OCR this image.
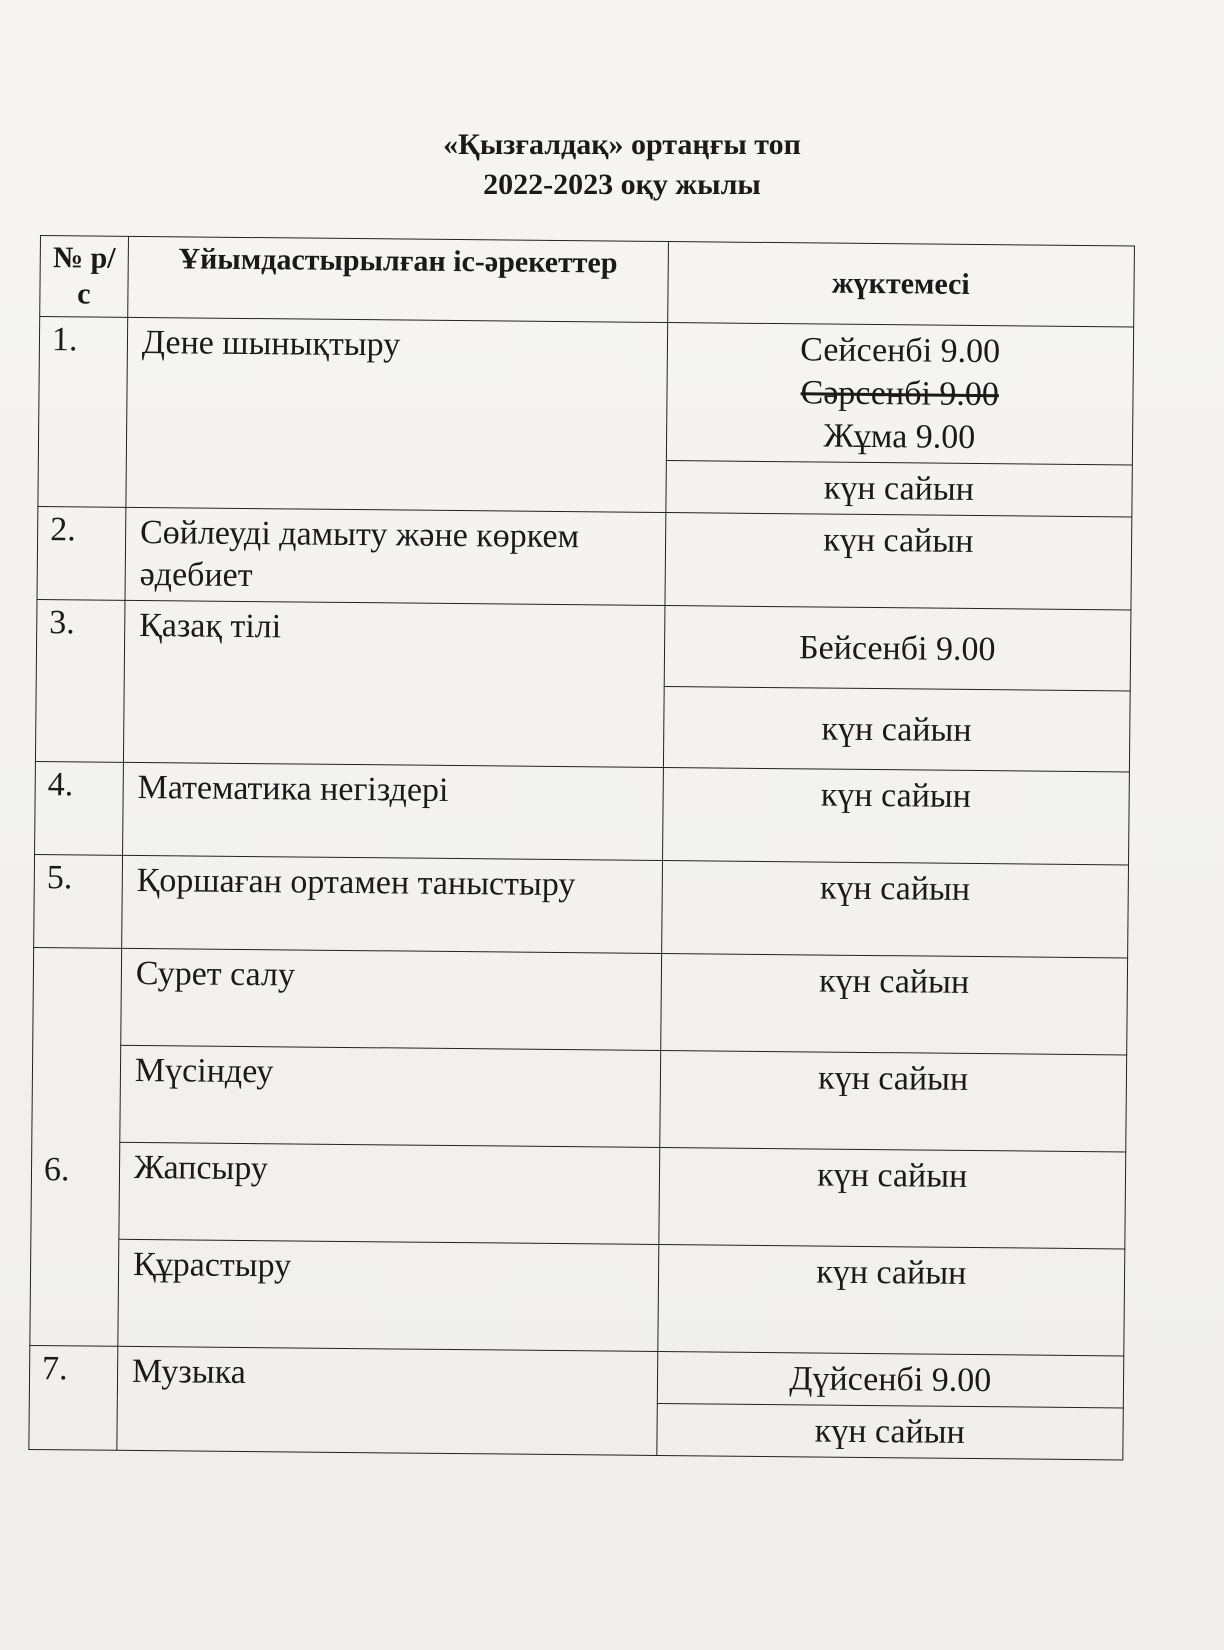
«Қызғалдақ» ортаңғы топ
2022-2023 оқу жылы
№ р/с	Ұйымдастырылған іс-әрекеттер	жүктемесі
1.	Дене шынықтыру	Сейсенбі 9.00
Сәрсенбі 9.00
Жұма 9.00

		күн сайын
2.	Сөйлеуді дамыту және көркем әдебиет	күн сайын
3.	Қазақ тілі	Бейсенбі 9.00
		күн сайын
4.	Математика негіздері	күн сайын
5.	Қоршаған ортамен таныстыру	күн сайын
6.	Сурет салу	күн сайын
	Мүсіндеу	күн сайын
	Жапсыру	күн сайын
	Құрастыру	күн сайын
7.	Музыка	Дүйсенбі 9.00
		күн сайын
